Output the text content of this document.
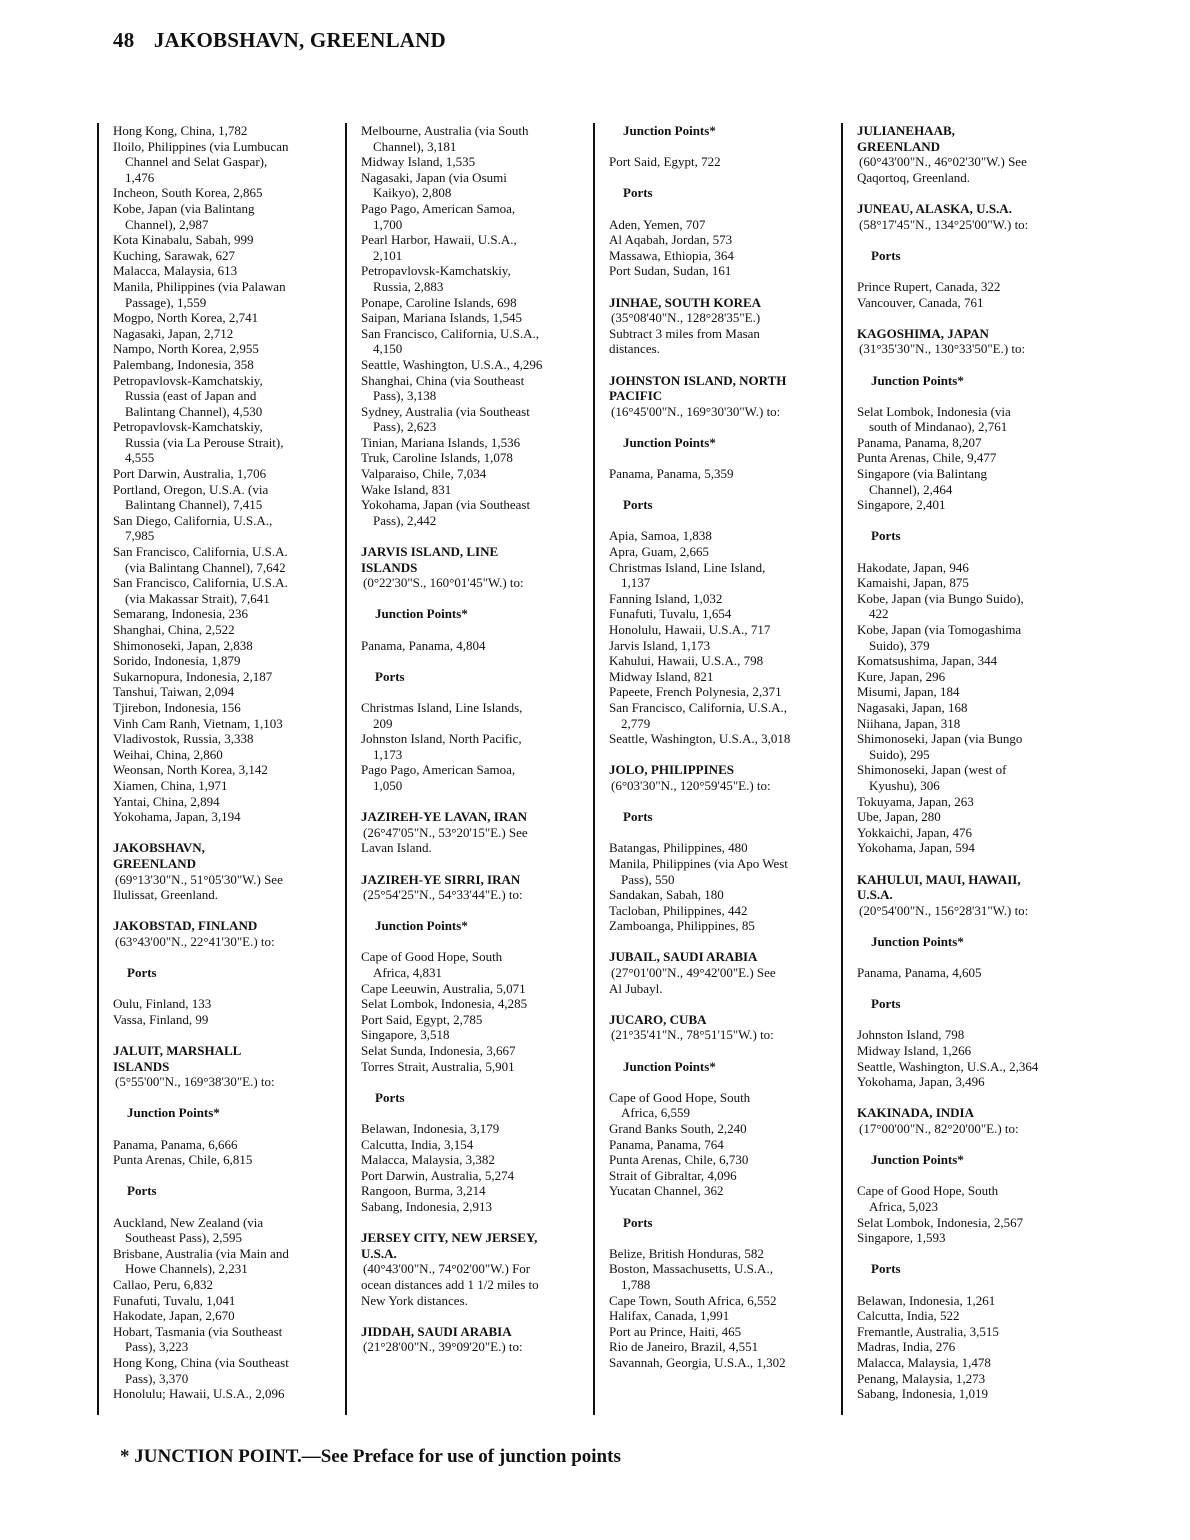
48 JAKOBSHAVN, GREENLAND
Hong Kong, China, 1,782
Iloilo, Philippines (via Lumbucan
Channel and Selat Gaspar),
1,476
Incheon, South Korea, 2,865
Kobe, Japan (via Balintang
Channel), 2,987
Kota Kinabalu, Sabah, 999
Kuching, Sarawak, 627
Malacca, Malaysia, 613
Manila, Philippines (via Palawan
Passage), 1,559
Mogpo, North Korea, 2,741
Nagasaki, Japan, 2,712
Nampo, North Korea, 2,955
Palembang, Indonesia, 358
Petropavlovsk-Kamchatskiy,
Russia (east of Japan and
Balintang Channel), 4,530
Petropavlovsk-Kamchatskiy,
Russia (via La Perouse Strait),
4,555
Port Darwin, Australia, 1,706
Portland, Oregon, U.S.A. (via
Balintang Channel), 7,415
San Diego, California, U.S.A.,
7,985
San Francisco, California, U.S.A.
(via Balintang Channel), 7,642
San Francisco, California, U.S.A.
(via Makassar Strait), 7,641
Semarang, Indonesia, 236
Shanghai, China, 2,522
Shimonoseki, Japan, 2,838
Sorido, Indonesia, 1,879
Sukarnopura, Indonesia, 2,187
Tanshui, Taiwan, 2,094
Tjirebon, Indonesia, 156
Vinh Cam Ranh, Vietnam, 1,103
Vladivostok, Russia, 3,338
Weihai, China, 2,860
Weonsan, North Korea, 3,142
Xiamen, China, 1,971
Yantai, China, 2,894
Yokohama, Japan, 3,194
JAKOBSHAVN,
GREENLAND
(69°13'30"N., 51°05'30"W.) See
Ilulissat, Greenland.
JAKOBSTAD, FINLAND
(63°43'00"N., 22°41'30"E.) to:
Ports
Oulu, Finland, 133
Vassa, Finland, 99
JALUIT, MARSHALL
ISLANDS
(5°55'00"N., 169°38'30"E.) to:
Junction Points*
Panama, Panama, 6,666
Punta Arenas, Chile, 6,815
Ports
Auckland, New Zealand (via
Southeast Pass), 2,595
Brisbane, Australia (via Main and
Howe Channels), 2,231
Callao, Peru, 6,832
Funafuti, Tuvalu, 1,041
Hakodate, Japan, 2,670
Hobart, Tasmania (via Southeast
Pass), 3,223
Hong Kong, China (via Southeast
Pass), 3,370
Honolulu; Hawaii, U.S.A., 2,096
Melbourne, Australia (via South
Channel), 3,181
Midway Island, 1,535
Nagasaki, Japan (via Osumi
Kaikyo), 2,808
Pago Pago, American Samoa,
1,700
Pearl Harbor, Hawaii, U.S.A.,
2,101
Petropavlovsk-Kamchatskiy,
Russia, 2,883
Ponape, Caroline Islands, 698
Saipan, Mariana Islands, 1,545
San Francisco, California, U.S.A.,
4,150
Seattle, Washington, U.S.A., 4,296
Shanghai, China (via Southeast
Pass), 3,138
Sydney, Australia (via Southeast
Pass), 2,623
Tinian, Mariana Islands, 1,536
Truk, Caroline Islands, 1,078
Valparaiso, Chile, 7,034
Wake Island, 831
Yokohama, Japan (via Southeast
Pass), 2,442
JARVIS ISLAND, LINE
ISLANDS
(0°22'30"S., 160°01'45"W.) to:
Junction Points*
Panama, Panama, 4,804
Ports
Christmas Island, Line Islands,
209
Johnston Island, North Pacific,
1,173
Pago Pago, American Samoa,
1,050
JAZIREH-YE LAVAN, IRAN
(26°47'05"N., 53°20'15"E.) See
Lavan Island.
JAZIREH-YE SIRRI, IRAN
(25°54'25"N., 54°33'44"E.) to:
Junction Points*
Cape of Good Hope, South
Africa, 4,831
Cape Leeuwin, Australia, 5,071
Selat Lombok, Indonesia, 4,285
Port Said, Egypt, 2,785
Singapore, 3,518
Selat Sunda, Indonesia, 3,667
Torres Strait, Australia, 5,901
Ports
Belawan, Indonesia, 3,179
Calcutta, India, 3,154
Malacca, Malaysia, 3,382
Port Darwin, Australia, 5,274
Rangoon, Burma, 3,214
Sabang, Indonesia, 2,913
JERSEY CITY, NEW JERSEY,
U.S.A.
(40°43'00"N., 74°02'00"W.) For
ocean distances add 1 1/2 miles to
New York distances.
JIDDAH, SAUDI ARABIA
(21°28'00"N., 39°09'20"E.) to:
Junction Points*
Port Said, Egypt, 722
Ports
Aden, Yemen, 707
Al Aqabah, Jordan, 573
Massawa, Ethiopia, 364
Port Sudan, Sudan, 161
JINHAE, SOUTH KOREA
(35°08'40"N., 128°28'35"E.)
Subtract 3 miles from Masan
distances.
JOHNSTON ISLAND, NORTH
PACIFIC
(16°45'00"N., 169°30'30"W.) to:
Junction Points*
Panama, Panama, 5,359
Ports
Apia, Samoa, 1,838
Apra, Guam, 2,665
Christmas Island, Line Island,
1,137
Fanning Island, 1,032
Funafuti, Tuvalu, 1,654
Honolulu, Hawaii, U.S.A., 717
Jarvis Island, 1,173
Kahului, Hawaii, U.S.A., 798
Midway Island, 821
Papeete, French Polynesia, 2,371
San Francisco, California, U.S.A.,
2,779
Seattle, Washington, U.S.A., 3,018
JOLO, PHILIPPINES
(6°03'30"N., 120°59'45"E.) to:
Ports
Batangas, Philippines, 480
Manila, Philippines (via Apo West
Pass), 550
Sandakan, Sabah, 180
Tacloban, Philippines, 442
Zamboanga, Philippines, 85
JUBAIL, SAUDI ARABIA
(27°01'00"N., 49°42'00"E.) See
Al Jubayl.
JUCARO, CUBA
(21°35'41"N., 78°51'15"W.) to:
Junction Points*
Cape of Good Hope, South
Africa, 6,559
Grand Banks South, 2,240
Panama, Panama, 764
Punta Arenas, Chile, 6,730
Strait of Gibraltar, 4,096
Yucatan Channel, 362
Ports
Belize, British Honduras, 582
Boston, Massachusetts, U.S.A.,
1,788
Cape Town, South Africa, 6,552
Halifax, Canada, 1,991
Port au Prince, Haiti, 465
Rio de Janeiro, Brazil, 4,551
Savannah, Georgia, U.S.A., 1,302
JULIANEHAAB,
GREENLAND
(60°43'00"N., 46°02'30"W.) See
Qaqortoq, Greenland.
JUNEAU, ALASKA, U.S.A.
(58°17'45"N., 134°25'00"W.) to:
Ports
Prince Rupert, Canada, 322
Vancouver, Canada, 761
KAGOSHIMA, JAPAN
(31°35'30"N., 130°33'50"E.) to:
Junction Points*
Selat Lombok, Indonesia (via
south of Mindanao), 2,761
Panama, Panama, 8,207
Punta Arenas, Chile, 9,477
Singapore (via Balintang
Channel), 2,464
Singapore, 2,401
Ports
Hakodate, Japan, 946
Kamaishi, Japan, 875
Kobe, Japan (via Bungo Suido),
422
Kobe, Japan (via Tomogashima
Suido), 379
Komatsushima, Japan, 344
Kure, Japan, 296
Misumi, Japan, 184
Nagasaki, Japan, 168
Niihana, Japan, 318
Shimonoseki, Japan (via Bungo
Suido), 295
Shimonoseki, Japan (west of
Kyushu), 306
Tokuyama, Japan, 263
Ube, Japan, 280
Yokkaichi, Japan, 476
Yokohama, Japan, 594
KAHULUI, MAUI, HAWAII,
U.S.A.
(20°54'00"N., 156°28'31"W.) to:
Junction Points*
Panama, Panama, 4,605
Ports
Johnston Island, 798
Midway Island, 1,266
Seattle, Washington, U.S.A., 2,364
Yokohama, Japan, 3,496
KAKINADA, INDIA
(17°00'00"N., 82°20'00"E.) to:
Junction Points*
Cape of Good Hope, South
Africa, 5,023
Selat Lombok, Indonesia, 2,567
Singapore, 1,593
Ports
Belawan, Indonesia, 1,261
Calcutta, India, 522
Fremantle, Australia, 3,515
Madras, India, 276
Malacca, Malaysia, 1,478
Penang, Malaysia, 1,273
Sabang, Indonesia, 1,019
* JUNCTION POINT.—See Preface for use of junction points
